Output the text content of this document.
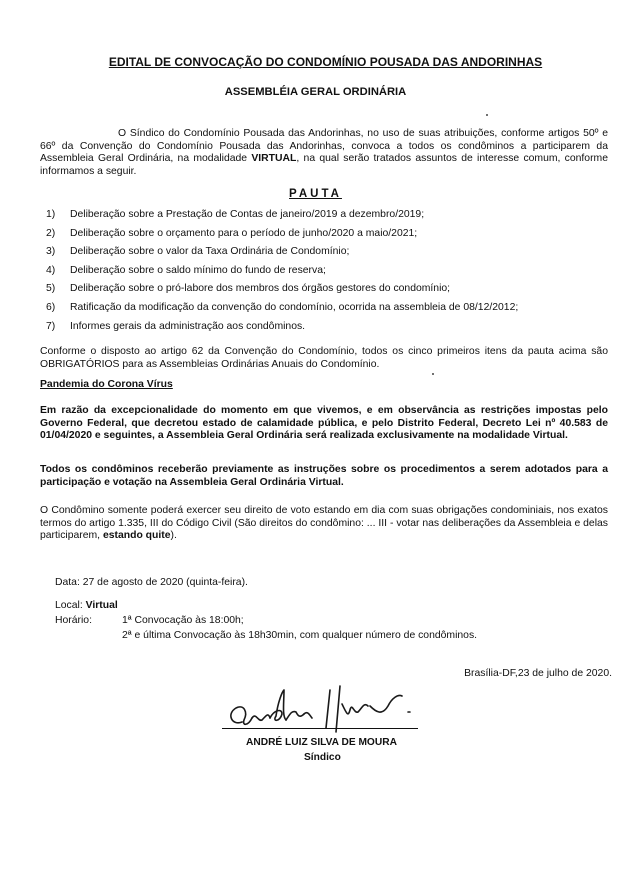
EDITAL DE CONVOCAÇÃO DO CONDOMÍNIO POUSADA DAS ANDORINHAS
ASSEMBLÉIA GERAL ORDINÁRIA

O Síndico do Condomínio Pousada das Andorinhas, no uso de suas atribuições, conforme artigos 50º e 66º da Convenção do Condomínio Pousada das Andorinhas, convoca a todos os condôminos a participarem da Assembleia Geral Ordinária, na modalidade VIRTUAL, na qual serão tratados assuntos de interesse comum, conforme informamos a seguir.

PAUTA
1)	Deliberação sobre a Prestação de Contas de janeiro/2019 a dezembro/2019;
2)	Deliberação sobre o orçamento para o período de junho/2020 a maio/2021;
3)	Deliberação sobre o valor da Taxa Ordinária de Condomínio;
4)	Deliberação sobre o saldo mínimo do fundo de reserva;
5)	Deliberação sobre o pró-labore dos membros dos órgãos gestores do condomínio;
6)	Ratificação da modificação da convenção do condomínio, ocorrida na assembleia de 08/12/2012;
7)	Informes gerais da administração aos condôminos.

Conforme o disposto ao artigo 62 da Convenção do Condomínio, todos os cinco primeiros itens da pauta acima são OBRIGATÓRIOS para as Assembleias Ordinárias Anuais do Condomínio.

Pandemia do Corona Vírus

Em razão da excepcionalidade do momento em que vivemos, e em observância as restrições impostas pelo Governo Federal, que decretou estado de calamidade pública, e pelo Distrito Federal, Decreto Lei nº 40.583 de 01/04/2020 e seguintes, a Assembleia Geral Ordinária será realizada exclusivamente na modalidade Virtual.

Todos os condôminos receberão previamente as instruções sobre os procedimentos a serem adotados para a participação e votação na Assembleia Geral Ordinária Virtual.

O Condômino somente poderá exercer seu direito de voto estando em dia com suas obrigações condominiais, nos exatos termos do artigo 1.335, III do Código Civil (São direitos do condômino: ... III - votar nas deliberações da Assembleia e delas participarem, estando quite).

Data: 27 de agosto de 2020 (quinta-feira).
Local: Virtual
Horário:	1ª Convocação às 18:00h;
2ª e última Convocação às 18h30min, com qualquer número de condôminos.
Brasília-DF,23 de julho de 2020.
ANDRÉ LUIZ SILVA DE MOURA
Síndico
